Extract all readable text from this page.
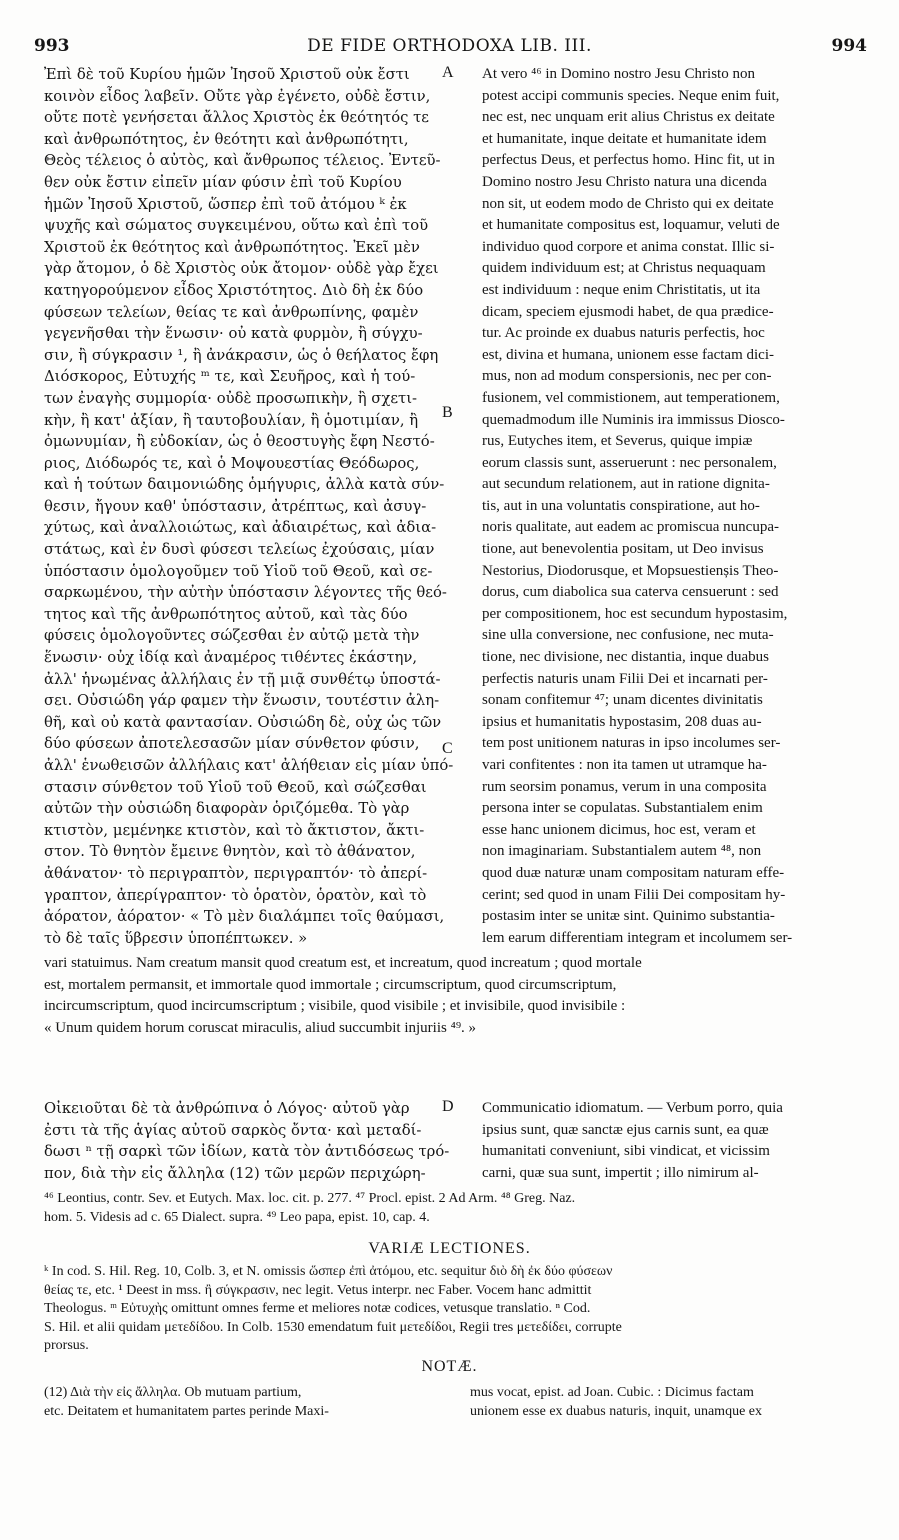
993	DE FIDE ORTHODOXA LIB. III.	994
A
B
C
D
Ἐπὶ δὲ τοῦ Κυρίου ἡμῶν Ἰησοῦ Χριστοῦ οὐκ ἔστι
κοινὸν εἶδος λαβεῖν. Οὔτε γὰρ ἐγένετο, οὐδὲ ἔστιν,
οὔτε ποτὲ γενήσεται ἄλλος Χριστὸς ἐκ θεότητός τε
καὶ ἀνθρωπότητος, ἐν θεότητι καὶ ἀνθρωπότητι,
Θεὸς τέλειος ὁ αὐτὸς, καὶ ἄνθρωπος τέλειος. Ἐντεῦ-
θεν οὐκ ἔστιν εἰπεῖν μίαν φύσιν ἐπὶ τοῦ Κυρίου
ἡμῶν Ἰησοῦ Χριστοῦ, ὥσπερ ἐπὶ τοῦ ἀτόμου ᵏ ἐκ
ψυχῆς καὶ σώματος συγκειμένου, οὕτω καὶ ἐπὶ τοῦ
Χριστοῦ ἐκ θεότητος καὶ ἀνθρωπότητος. Ἐκεῖ μὲν
γὰρ ἄτομον, ὁ δὲ Χριστὸς οὐκ ἄτομον· οὐδὲ γὰρ ἔχει
κατηγορούμενον εἶδος Χριστότητος. Διὸ δὴ ἐκ δύο
φύσεων τελείων, θείας τε καὶ ἀνθρωπίνης, φαμὲν
γεγενῆσθαι τὴν ἕνωσιν· οὐ κατὰ φυρμὸν, ἢ σύγχυ-
σιν, ἢ σύγκρασιν ¹, ἢ ἀνάκρασιν, ὡς ὁ θεήλατος ἔφη
Διόσκορος, Εὐτυχής ᵐ τε, καὶ Σευῆρος, καὶ ἡ τού-
των ἐναγὴς συμμορία· οὐδὲ προσωπικὴν, ἢ σχετι-
κὴν, ἢ κατ' ἀξίαν, ἢ ταυτοβουλίαν, ἢ ὁμοτιμίαν, ἢ
ὁμωνυμίαν, ἢ εὐδοκίαν, ὡς ὁ θεοστυγὴς ἔφη Νεστό-
ριος, Διόδωρός τε, καὶ ὁ Μοψουεστίας Θεόδωρος,
καὶ ἡ τούτων δαιμονιώδης ὁμήγυρις, ἀλλὰ κατὰ σύν-
θεσιν, ἤγουν καθ' ὑπόστασιν, ἀτρέπτως, καὶ ἀσυγ-
χύτως, καὶ ἀναλλοιώτως, καὶ ἀδιαιρέτως, καὶ ἀδια-
στάτως, καὶ ἐν δυσὶ φύσεσι τελείως ἐχούσαις, μίαν
ὑπόστασιν ὁμολογοῦμεν τοῦ Υἱοῦ τοῦ Θεοῦ, καὶ σε-
σαρκωμένου, τὴν αὐτὴν ὑπόστασιν λέγοντες τῆς θεό-
τητος καὶ τῆς ἀνθρωπότητος αὐτοῦ, καὶ τὰς δύο
φύσεις ὁμολογοῦντες σώζεσθαι ἐν αὐτῷ μετὰ τὴν
ἕνωσιν· οὐχ ἰδίᾳ καὶ ἀναμέρος τιθέντες ἑκάστην,
ἀλλ' ἡνωμένας ἀλλήλαις ἐν τῇ μιᾷ συνθέτῳ ὑποστά-
σει. Οὐσιώδη γάρ φαμεν τὴν ἕνωσιν, τουτέστιν ἀλη-
θῆ, καὶ οὐ κατὰ φαντασίαν. Οὐσιώδη δὲ, οὐχ ὡς τῶν
δύο φύσεων ἀποτελεσασῶν μίαν σύνθετον φύσιν,
ἀλλ' ἑνωθεισῶν ἀλλήλαις κατ' ἀλήθειαν εἰς μίαν ὑπό-
στασιν σύνθετον τοῦ Υἱοῦ τοῦ Θεοῦ, καὶ σώζεσθαι
αὐτῶν τὴν οὐσιώδη διαφορὰν ὁριζόμεθα. Τὸ γὰρ
κτιστὸν, μεμένηκε κτιστὸν, καὶ τὸ ἄκτιστον, ἄκτι-
στον. Τὸ θνητὸν ἔμεινε θνητὸν, καὶ τὸ ἀθάνατον,
ἀθάνατον· τὸ περιγραπτὸν, περιγραπτόν· τὸ ἀπερί-
γραπτον, ἀπερίγραπτον· τὸ ὁρατὸν, ὁρατὸν, καὶ τὸ
ἀόρατον, ἀόρατον· « Τὸ μὲν διαλάμπει τοῖς θαύμασι,
τὸ δὲ ταῖς ὕβρεσιν ὑποπέπτωκεν. »
At vero ⁴⁶ in Domino nostro Jesu Christo non
potest accipi communis species. Neque enim fuit,
nec est, nec unquam erit alius Christus ex deitate
et humanitate, inque deitate et humanitate idem
perfectus Deus, et perfectus homo. Hinc fit, ut in
Domino nostro Jesu Christo natura una dicenda
non sit, ut eodem modo de Christo qui ex deitate
et humanitate compositus est, loquamur, veluti de
individuo quod corpore et anima constat. Illic si-
quidem individuum est; at Christus nequaquam
est individuum : neque enim Christitatis, ut ita
dicam, speciem ejusmodi habet, de qua prædice-
tur. Ac proinde ex duabus naturis perfectis, hoc
est, divina et humana, unionem esse factam dici-
mus, non ad modum conspersionis, nec per con-
fusionem, vel commistionem, aut temperationem,
quemadmodum ille Numinis ira immissus Diosco-
rus, Eutyches item, et Severus, quique impiæ
eorum classis sunt, asseruerunt : nec personalem,
aut secundum relationem, aut in ratione dignita-
tis, aut in una voluntatis conspiratione, aut ho-
noris qualitate, aut eadem ac promiscua nuncupa-
tione, aut benevolentia positam, ut Deo invisus
Nestorius, Diodorusque, et Mopsuestienșis Theo-
dorus, cum diabolica sua caterva censuerunt : sed
per compositionem, hoc est secundum hypostasim,
sine ulla conversione, nec confusione, nec muta-
tione, nec divisione, nec distantia, inque duabus
perfectis naturis unam Filii Dei et incarnati per-
sonam confitemur ⁴⁷; unam dicentes divinitatis
ipsius et humanitatis hypostasim, 208 duas au-
tem post unitionem naturas in ipso incolumes ser-
vari confitentes : non ita tamen ut utramque ha-
rum seorsim ponamus, verum in una composita
persona inter se copulatas. Substantialem enim
esse hanc unionem dicimus, hoc est, veram et
non imaginariam. Substantialem autem ⁴⁸, non
quod duæ naturæ unam compositam naturam effe-
cerint; sed quod in unam Filii Dei compositam hy-
postasim inter se unitæ sint. Quinimo substantia-
lem earum differentiam integram et incolumem ser-
vari statuimus. Nam creatum mansit quod creatum est, et increatum, quod increatum ; quod mortale
est, mortalem permansit, et immortale quod immortale ; circumscriptum, quod circumscriptum,
incircumscriptum, quod incircumscriptum ; visibile, quod visibile ; et invisibile, quod invisibile :
« Unum quidem horum coruscat miraculis, aliud succumbit injuriis ⁴⁹. »
Οἰκειοῦται δὲ τὰ ἀνθρώπινα ὁ Λόγος· αὐτοῦ γὰρ
ἐστι τὰ τῆς ἁγίας αὐτοῦ σαρκὸς ὄντα· καὶ μεταδί-
δωσι ⁿ τῇ σαρκὶ τῶν ἰδίων, κατὰ τὸν ἀντιδόσεως τρό-
πον, διὰ τὴν εἰς ἄλληλα (12) τῶν μερῶν περιχώρη-
Communicatio idiomatum. — Verbum porro, quia
ipsius sunt, quæ sanctæ ejus carnis sunt, ea quæ
humanitati conveniunt, sibi vindicat, et vicissim
carni, quæ sua sunt, impertit ; illo nimirum al-
⁴⁶ Leontius, contr. Sev. et Eutych. Max. loc. cit. p. 277. ⁴⁷ Procl. epist. 2 Ad Arm. ⁴⁸ Greg. Naz.
hom. 5. Videsis ad c. 65 Dialect. supra. ⁴⁹ Leo papa, epist. 10, cap. 4.
VARIÆ LECTIONES.
ᵏ In cod. S. Hil. Reg. 10, Colb. 3, et N. omissis ὥσπερ ἐπὶ ἀτόμου, etc. sequitur διὸ δὴ ἐκ δύο φύσεων
θείας τε, etc. ¹ Deest in mss. ἢ σύγκρασιν, nec legit. Vetus interpr. nec Faber. Vocem hanc admittit
Theologus. ᵐ Εὐτυχὴς omittunt omnes ferme et meliores notæ codices, vetusque translatio. ⁿ Cod.
S. Hil. et alii quidam μετεδίδου. In Colb. 1530 emendatum fuit μετεδίδοι, Regii tres μετεδίδει, corrupte
prorsus.
NOTÆ.
(12) Διὰ τὴν εἰς ἄλληλα. Ob mutuam partium,
etc. Deitatem et humanitatem partes perinde Maxi-
mus vocat, epist. ad Joan. Cubic. : Dicimus factam
unionem esse ex duabus naturis, inquit, unamque ex
